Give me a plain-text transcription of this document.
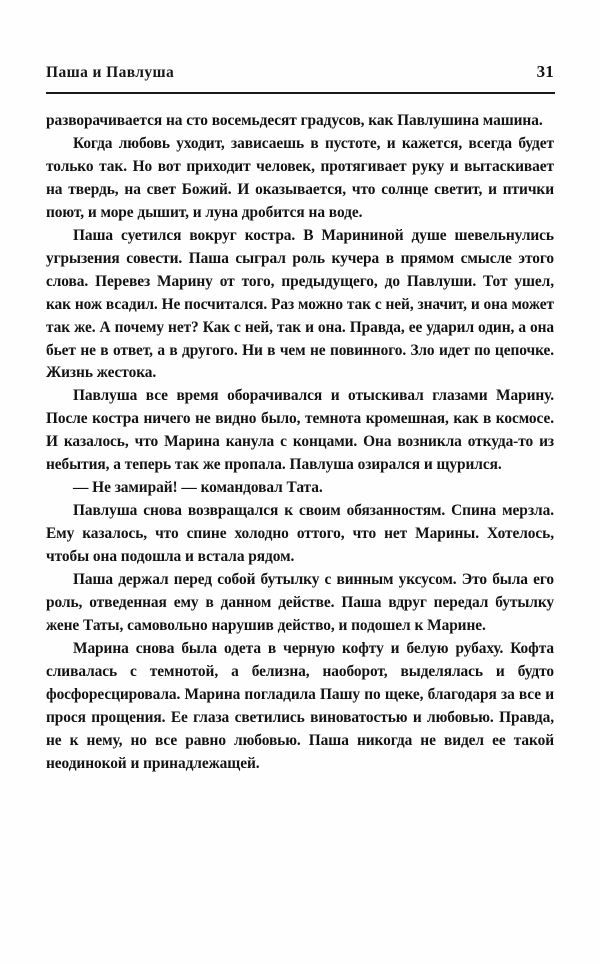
Паша и Павлуша	31

разворачивается на сто восемьдесят градусов, как Павлушина машина.

Когда любовь уходит, зависаешь в пустоте, и кажется, всегда будет только так. Но вот приходит человек, протягивает руку и вытаскивает на твердь, на свет Божий. И оказывается, что солнце светит, и птички поют, и море дышит, и луна дробится на воде.

Паша суетился вокруг костра. В Марининой душе шевельнулись угрызения совести. Паша сыграл роль кучера в прямом смысле этого слова. Перевез Марину от того, предыдущего, до Павлуши. Тот ушел, как нож всадил. Не посчитался. Раз можно так с ней, значит, и она может так же. А почему нет? Как с ней, так и она. Правда, ее ударил один, а она бьет не в ответ, а в другого. Ни в чем не повинного. Зло идет по цепочке. Жизнь жестока.

Павлуша все время оборачивался и отыскивал глазами Марину. После костра ничего не видно было, темнота кромешная, как в космосе. И казалось, что Марина канула с концами. Она возникла откуда-то из небытия, а теперь так же пропала. Павлуша озирался и щурился.

— Не замирай! — командовал Тата.

Павлуша снова возвращался к своим обязанностям. Спина мерзла. Ему казалось, что спине холодно оттого, что нет Марины. Хотелось, чтобы она подошла и встала рядом.

Паша держал перед собой бутылку с винным уксусом. Это была его роль, отведенная ему в данном действе. Паша вдруг передал бутылку жене Таты, самовольно нарушив действо, и подошел к Марине.

Марина снова была одета в черную кофту и белую рубаху. Кофта сливалась с темнотой, а белизна, наоборот, выделялась и будто фосфоресцировала. Марина погладила Пашу по щеке, благодаря за все и прося прощения. Ее глаза светились виноватостью и любовью. Правда, не к нему, но все равно любовью. Паша никогда не видел ее такой неодинокой и принадлежащей.
